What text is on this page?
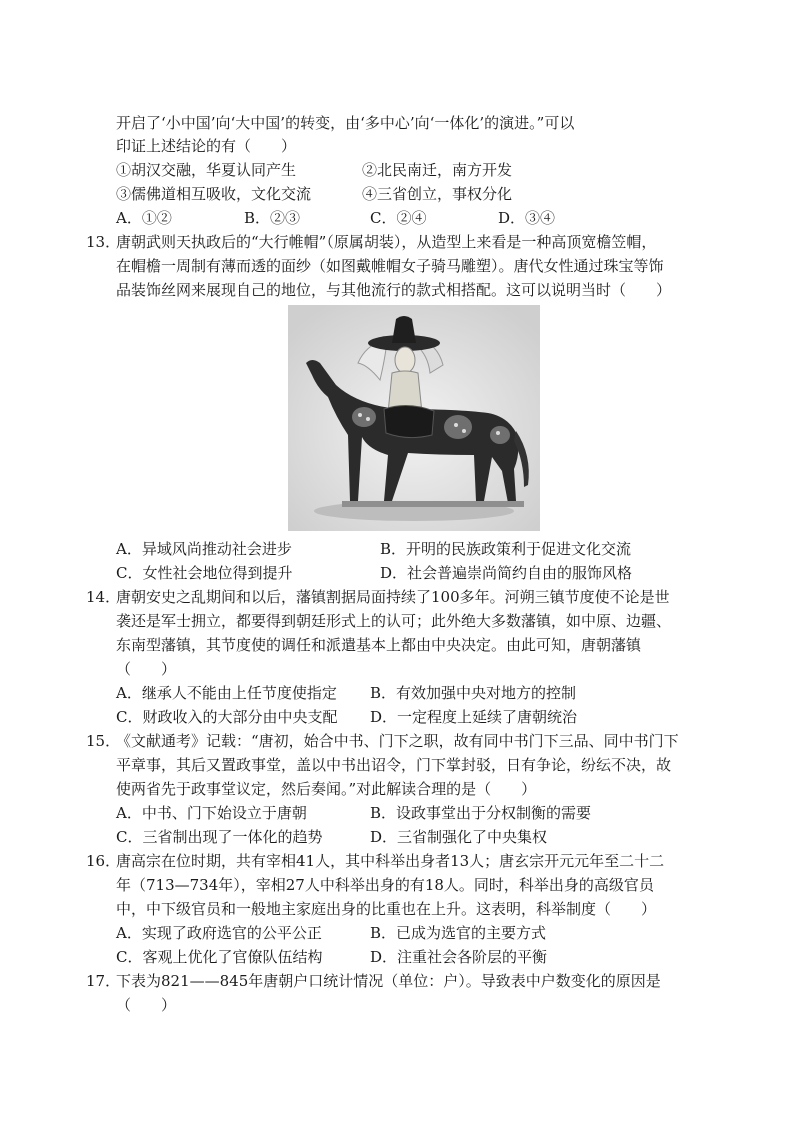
开启了‘小中国’向‘大中国’的转变，由‘多中心’向‘一体化’的演进。”可以
印证上述结论的有（　　）
①胡汉交融，华夏认同产生	②北民南迁，南方开发
③儒佛道相互吸收，文化交流	④三省创立，事权分化
A．①②	B．②③	C．②④	D．③④
13．
唐朝武则天执政后的“大行帷帽”（原属胡装），从造型上来看是一种高顶宽檐笠帽，
在帽檐一周制有薄而透的面纱（如图戴帷帽女子骑马雕塑）。唐代女性通过珠宝等饰
品装饰丝网来展现自己的地位，与其他流行的款式相搭配。这可以说明当时（　　）
A．异域风尚推动社会进步	B．开明的民族政策利于促进文化交流
C．女性社会地位得到提升	D．社会普遍崇尚简约自由的服饰风格
14．
唐朝安史之乱期间和以后，藩镇割据局面持续了100多年。河朔三镇节度使不论是世
袭还是军士拥立，都要得到朝廷形式上的认可；此外绝大多数藩镇，如中原、边疆、
东南型藩镇，其节度使的调任和派遣基本上都由中央决定。由此可知，唐朝藩镇
（　　）
A．继承人不能由上任节度使指定 B．有效加强中央对地方的控制
C．财政收入的大部分由中央支配 D．一定程度上延续了唐朝统治
15．
《文献通考》记载：“唐初，始合中书、门下之职，故有同中书门下三品、同中书门下
平章事，其后又置政事堂，盖以中书出诏令，门下掌封驳，日有争论，纷纭不决，故
使两省先于政事堂议定，然后奏闻。”对此解读合理的是（　　）
A．中书、门下始设立于唐朝	B．设政事堂出于分权制衡的需要
C．三省制出现了一体化的趋势	D．三省制强化了中央集权
16．
唐高宗在位时期，共有宰相41人，其中科举出身者13人；唐玄宗开元元年至二十二
年（713—734年），宰相27人中科举出身的有18人。同时，科举出身的高级官员
中，中下级官员和一般地主家庭出身的比重也在上升。这表明，科举制度（　　）
A．实现了政府选官的公平公正	B．已成为选官的主要方式
C．客观上优化了官僚队伍结构	D．注重社会各阶层的平衡
17．
下表为821——845年唐朝户口统计情况（单位：户）。导致表中户数变化的原因是
（　　）
